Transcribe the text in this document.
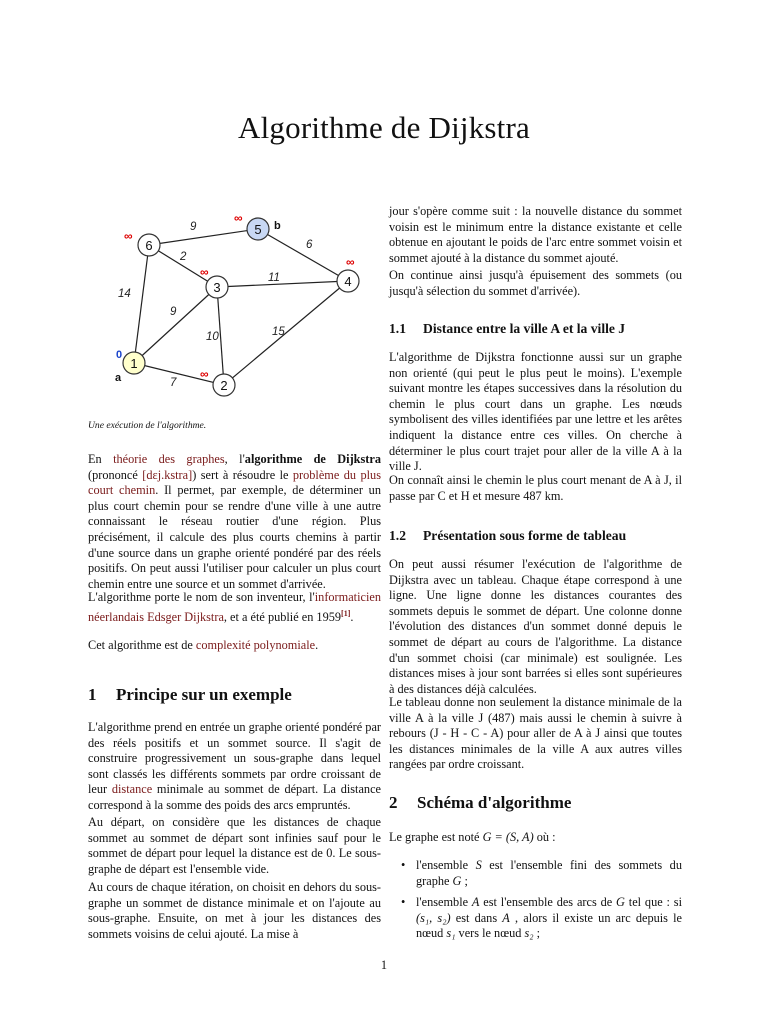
Algorithme de Dijkstra
9
6
2
11
14
9
10	15
7
6
5
3	4
1
2
b
a
∞
∞
∞
∞
∞
0
Une exécution de l'algorithme.

En théorie des graphes, l'algorithme de Dijkstra (prononcé [dɛj.kstra]) sert à résoudre le problème du plus court chemin. Il permet, par exemple, de déterminer un plus court chemin pour se rendre d'une ville à une autre connaissant le réseau routier d'une région. Plus précisément, il calcule des plus courts chemins à partir d'une source dans un graphe orienté pondéré par des réels positifs. On peut aussi l'utiliser pour calculer un plus court chemin entre une source et un sommet d'arrivée.

L'algorithme porte le nom de son inventeur, l'informaticien néerlandais Edsger Dijkstra, et a été publié en 1959[1].

Cet algorithme est de complexité polynomiale.

1 Principe sur un exemple

L'algorithme prend en entrée un graphe orienté pondéré par des réels positifs et un sommet source. Il s'agit de construire progressivement un sous-graphe dans lequel sont classés les différents sommets par ordre croissant de leur distance minimale au sommet de départ. La distance correspond à la somme des poids des arcs empruntés.

Au départ, on considère que les distances de chaque sommet au sommet de départ sont infinies sauf pour le sommet de départ pour lequel la distance est de 0. Le sous-graphe de départ est l'ensemble vide.

Au cours de chaque itération, on choisit en dehors du sous-graphe un sommet de distance minimale et on l'ajoute au sous-graphe. Ensuite, on met à jour les distances des sommets voisins de celui ajouté. La mise à

jour s'opère comme suit : la nouvelle distance du sommet voisin est le minimum entre la distance existante et celle obtenue en ajoutant le poids de l'arc entre sommet voisin et sommet ajouté à la distance du sommet ajouté.

On continue ainsi jusqu'à épuisement des sommets (ou jusqu'à sélection du sommet d'arrivée).

1.1 Distance entre la ville A et la ville J

L'algorithme de Dijkstra fonctionne aussi sur un graphe non orienté (qui peut le plus peut le moins). L'exemple suivant montre les étapes successives dans la résolution du chemin le plus court dans un graphe. Les nœuds symbolisent des villes identifiées par une lettre et les arêtes indiquent la distance entre ces villes. On cherche à déterminer le plus court trajet pour aller de la ville A à la ville J.

On connaît ainsi le chemin le plus court menant de A à J, il passe par C et H et mesure 487 km.

1.2 Présentation sous forme de tableau

On peut aussi résumer l'exécution de l'algorithme de Dijkstra avec un tableau. Chaque étape correspond à une ligne. Une ligne donne les distances courantes des sommets depuis le sommet de départ. Une colonne donne l'évolution des distances d'un sommet donné depuis le sommet de départ au cours de l'algorithme. La distance d'un sommet choisi (car minimale) est soulignée. Les distances mises à jour sont barrées si elles sont supérieures à des distances déjà calculées.

Le tableau donne non seulement la distance minimale de la ville A à la ville J (487) mais aussi le chemin à suivre à rebours (J - H - C - A) pour aller de A à J ainsi que toutes les distances minimales de la ville A aux autres villes rangées par ordre croissant.

2 Schéma d'algorithme

Le graphe est noté G = (S, A) où :

• l'ensemble S est l'ensemble fini des sommets du graphe G ;
• l'ensemble A est l'ensemble des arcs de G tel que : si (s₁, s₂) est dans A , alors il existe un arc depuis le nœud s₁ vers le nœud s₂ ;
1
